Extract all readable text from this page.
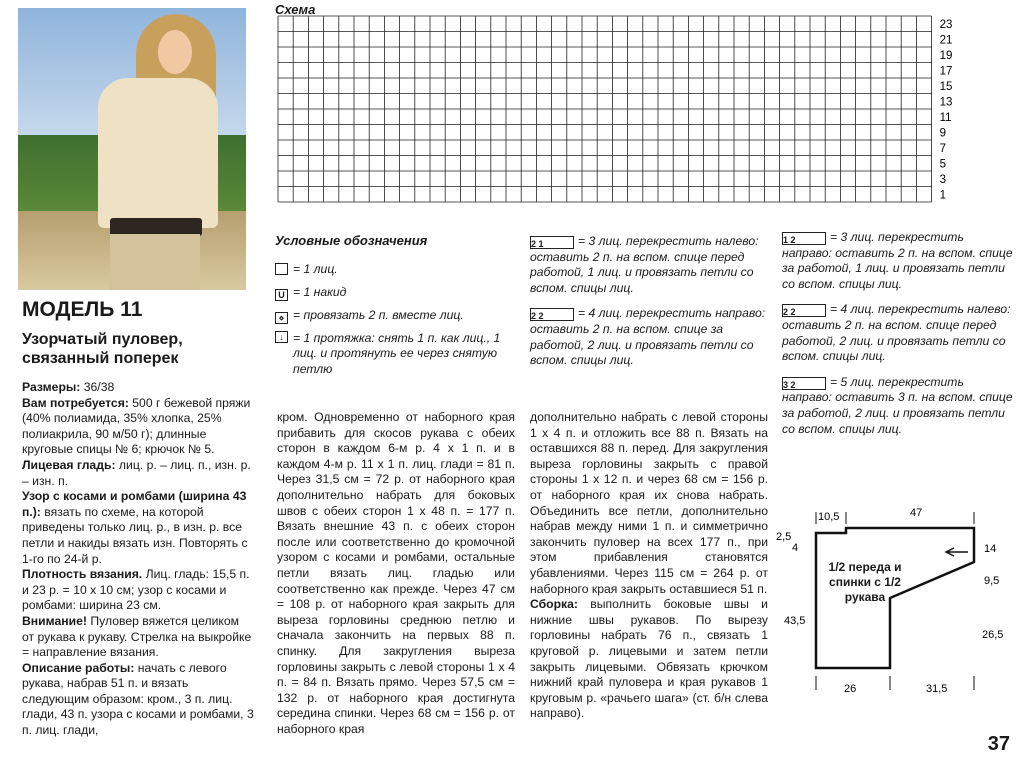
МОДЕЛЬ 11
Узорчатый пуловер, связанный поперек
Размеры: 36/38
Вам потребуется: 500 г бежевой пряжи (40% полиамида, 35% хлопка, 25% полиакрила, 90 м/50 г); длинные круговые спицы № 6; крючок № 5.
Лицевая гладь: лиц. р. – лиц. п., изн. р. – изн. п.
Узор с косами и ромбами (ширина 43 п.): вязать по схеме, на которой приведены только лиц. р., в изн. р. все петли и накиды вязать изн. Повторять с 1-го по 24-й р.
Плотность вязания. Лиц. гладь: 15,5 п. и 23 р. = 10 х 10 см; узор с косами и ромбами: ширина 23 см.
Внимание! Пуловер вяжется целиком от рукава к рукаву. Стрелка на выкройке = направление вязания.
Описание работы: начать с левого рукава, набрав 51 п. и вязать следующим образом: кром., 3 п. лиц. глади, 43 п. узора с косами и ромбами, 3 п. лиц. глади,
кром. Одновременно от наборного края прибавить для скосов рукава с обеих сторон в каждом 6-м р. 4 х 1 п. и в каждом 4-м р. 11 х 1 п. лиц. глади = 81 п. Через 31,5 см = 72 р. от наборного края дополнительно набрать для боковых швов с обеих сторон 1 х 48 п. = 177 п. Вязать внешние 43 п. с обеих сторон после или соответственно до кромочной узором с косами и ромбами, остальные петли вязать лиц. гладью или соответственно как прежде. Через 47 см = 108 р. от наборного края закрыть для выреза горловины среднюю петлю и сначала закончить на первых 88 п. спинку. Для закругления выреза горловины закрыть с левой стороны 1 х 4 п. = 84 п. Вязать прямо. Через 57,5 см = 132 р. от наборного края достигнута середина спинки. Через 68 см = 156 р. от наборного края
дополнительно набрать с левой стороны 1 х 4 п. и отложить все 88 п. Вязать на оставшихся 88 п. перед. Для закругления выреза горловины закрыть с правой стороны 1 х 12 п. и через 68 см = 156 р. от наборного края их снова набрать. Объединить все петли, дополнительно набрав между ними 1 п. и симметрично закончить пуловер на всех 177 п., при этом прибавления становятся убавлениями. Через 115 см = 264 р. от наборного края закрыть оставшиеся 51 п.
Сборка: выполнить боковые швы и нижние швы рукавов. По вырезу горловины набрать 76 п., связать 1 круговой р. лицевыми и затем петли закрыть лицевыми. Обвязать крючком нижний край пуловера и края рукавов 1 круговым р. «рачьего шага» (ст. б/н слева направо).
Схема
23
21
19
17
15
13
11
9
7
5
3
1
Условные обозначения
= 1 лиц.
U = 1 накид
⋄ = провязать 2 п. вместе лиц.
↓ = 1 протяжка: снять 1 п. как лиц., 1 лиц. и протянуть ее через снятую петлю
2 1	= 3 лиц. перекрестить налево: оставить 2 п. на вспом. спице перед работой, 1 лиц. и провязать петли со вспом. спицы лиц.
2 2	= 4 лиц. перекрестить направо: оставить 2 п. на вспом. спице за работой, 2 лиц. и провязать петли со вспом. спицы лиц.
1 2	= 3 лиц. перекрестить направо: оставить 2 п. на вспом. спице за работой, 1 лиц. и провязать петли со вспом. спицы лиц.
2 2	= 4 лиц. перекрестить налево: оставить 2 п. на вспом. спице перед работой, 2 лиц. и провязать петли со вспом. спицы лиц.
3 2	= 5 лиц. перекрестить направо: оставить 3 п. на вспом. спице за работой, 2 лиц. и провязать петли со вспом. спицы лиц.
10,5	47
2,5
4	14
9,5
43,5
26,5
26	31,5
1/2 переда и спинки с 1/2 рукава
37
